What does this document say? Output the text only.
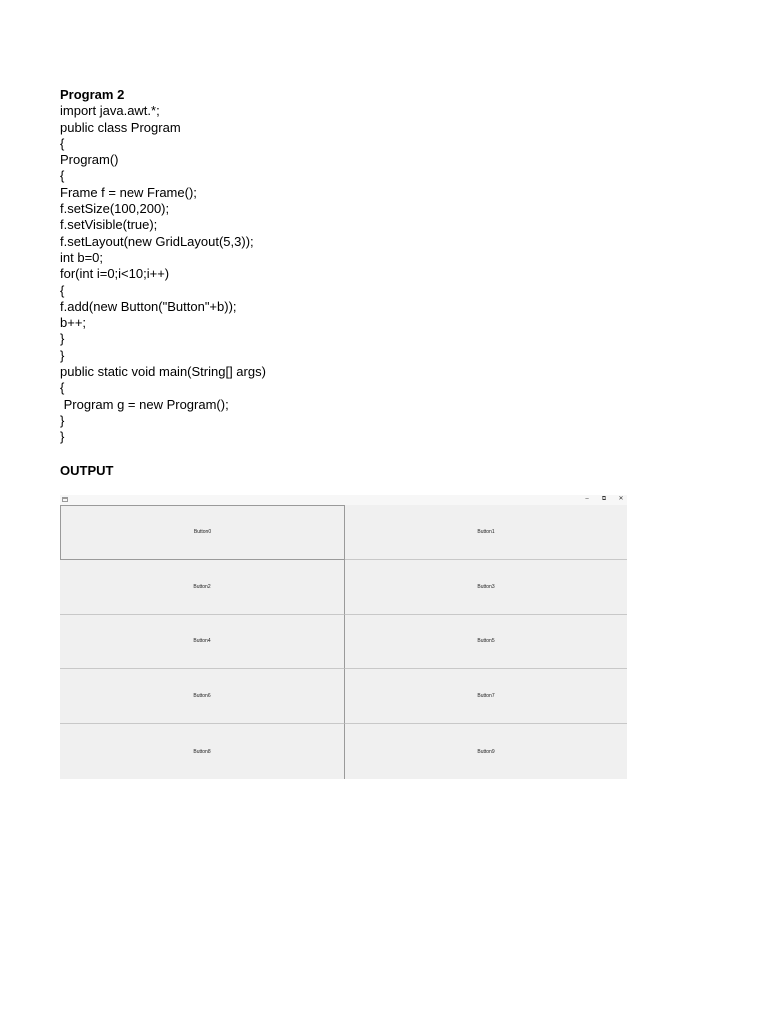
Program 2

import java.awt.*;

public class Program

{

Program()

{

Frame f = new Frame();

f.setSize(100,200);

f.setVisible(true);

f.setLayout(new GridLayout(5,3));

int b=0;

for(int i=0;i<10;i++)

{

f.add(new Button("Button"+b));

b++;

}

}

public static void main(String[] args)

{

Program g = new Program();

}

}

OUTPUT
–	⧉	✕
Button0	Button1
Button2	Button3
Button4	Button5
Button6	Button7
Button8	Button9
